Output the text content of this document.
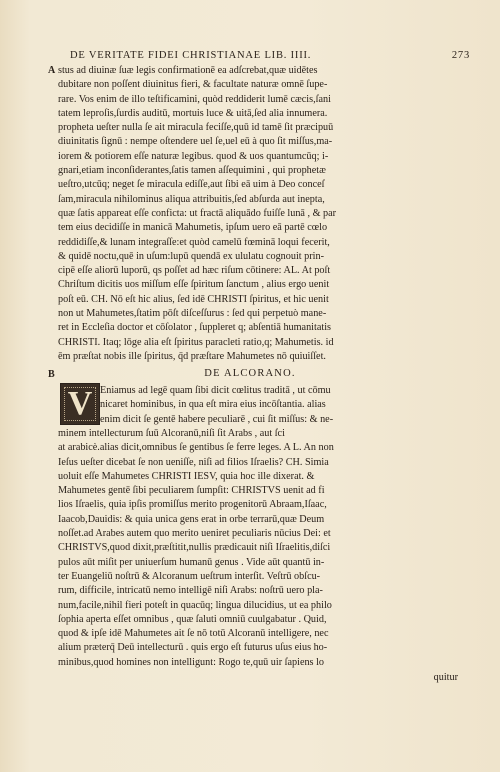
DE VERITATE FIDEI CHRISTIANAE LIB. IIII.	273
A
B
stus ad diuinæ ſuæ legis confirmationē ea adſcrebat,quæ uidētes
dubitare non poſſent diuinitus fieri, & facultate naturæ omnē ſupe-
rare. Vos enim de illo teſtificamini, quòd reddiderit lumē cæcis,ſani
tatem leproſis,ſurdis auditū, mortuis luce & uitā,ſed alia innumera.
propheta ueſter nulla ſe ait miracula feciſſe,quū id tamē ſit præcipuū
diuinitatis ſignū : nempe oſtendere uel ſe,uel eū à quo ſit miſſus,ma-
iorem & potiorem eſſe naturæ legibus. quod & uos quantumcūq; i-
gnari,etiam inconſiderantes,ſatis tamen aſſequimini , qui prophetæ
ueſtro,utcūq; neget ſe miracula ediſſe,aut ſibi eā uim à Deo conceſ
ſam,miracula nihilominus aliqua attribuitis,ſed abſurda aut inepta,
quæ ſatis appareat eſſe conficta: ut fractā aliquādo fuiſſe lunā , & par
tem eius decidiſſe in manicā Mahumetis, ipſum uero eā partē cœlo
reddidiſſe,& lunam integraſſe:et quòd camelū fœminā loqui fecerit,
& quidē noctu,quē in uſum:lupū quendā ex ululatu cognouit prin-
cipē eſſe aliorū luporū, qs poſſet ad hæc riſum cōtinere: AL. At poſt
Chriſtum dicitis uos miſſum eſſe ſpiritum ſanctum , alius ergo uenit
poſt eū. CH. Nō eſt hic alius, ſed idē CHRISTI ſpiritus, et hic uenit
non ut Mahumetes,ſtatim pōſt diſceſſurus : ſed qui perpetuò mane-
ret in Eccleſia doctor et cōſolator , ſuppleret q; abſentiā humanitatis
CHRISTI. Itaq; lōge alia eſt ſpiritus paracleti ratio,q; Mahumetis. id
ēm præſtat nobis ille ſpiritus, q̄d præſtare Mahumetes nō quiuiſſet.
DE ALCORANO.
V Eniamus ad legē quam ſibi dicit cœlitus traditā , ut cōmu
nicaret hominibus, in qua eſt mira eius incōſtantia. alias
enim dicit ſe gentē habere peculiarē , cui ſit miſſus: & ne-
minem intellecturum ſuū Alcoranū,niſi ſit Arabs , aut ſci
at arabicè.alias dicit,omnibus ſe gentibus ſe ferre leges. A L. An non
Ieſus ueſter dicebat ſe non ueniſſe, niſi ad filios Iſraelis? CH. Simia
uoluit eſſe Mahumetes CHRISTI IESV, quia hoc ille dixerat. &
Mahumetes gentē ſibi peculiarem ſumpſit: CHRISTVS uenit ad fi
lios Iſraelis, quia ipſis promiſſus merito progenitorū Abraam,Iſaac,
Iaacob,Dauidis: & quia unica gens erat in orbe terrarū,quæ Deum
noſſet.ad Arabes autem quo merito ueniret peculiaris nūcius Dei: et
CHRISTVS,quod dixit,præſtitit,nullis prædicauit niſi Iſraelitis,diſci
pulos aūt miſit per uniuerſum humanū genus . Vide aūt quantū in-
ter Euangeliū noſtrū & Alcoranum ueſtrum interſit. Veſtrū obſcu-
rum, difficile, intricatū nemo intelligē niſi Arabs: noſtrū uero pla-
num,facile,nihil fieri poteſt in quacūq; lingua dilucidius, ut ea philo
ſophia aperta eſſet omnibus , quæ ſaluti omniū cuulgabatur . Quid,
quod & ipſe idē Mahumetes ait ſe nō totū Alcoranū intelligere, nec
alium præterq̄ Deū intellecturū . quis ergo eſt futurus uſus eius ho-
minibus,quod homines non intelligunt: Rogo te,quū uir ſapiens lo
quitur
